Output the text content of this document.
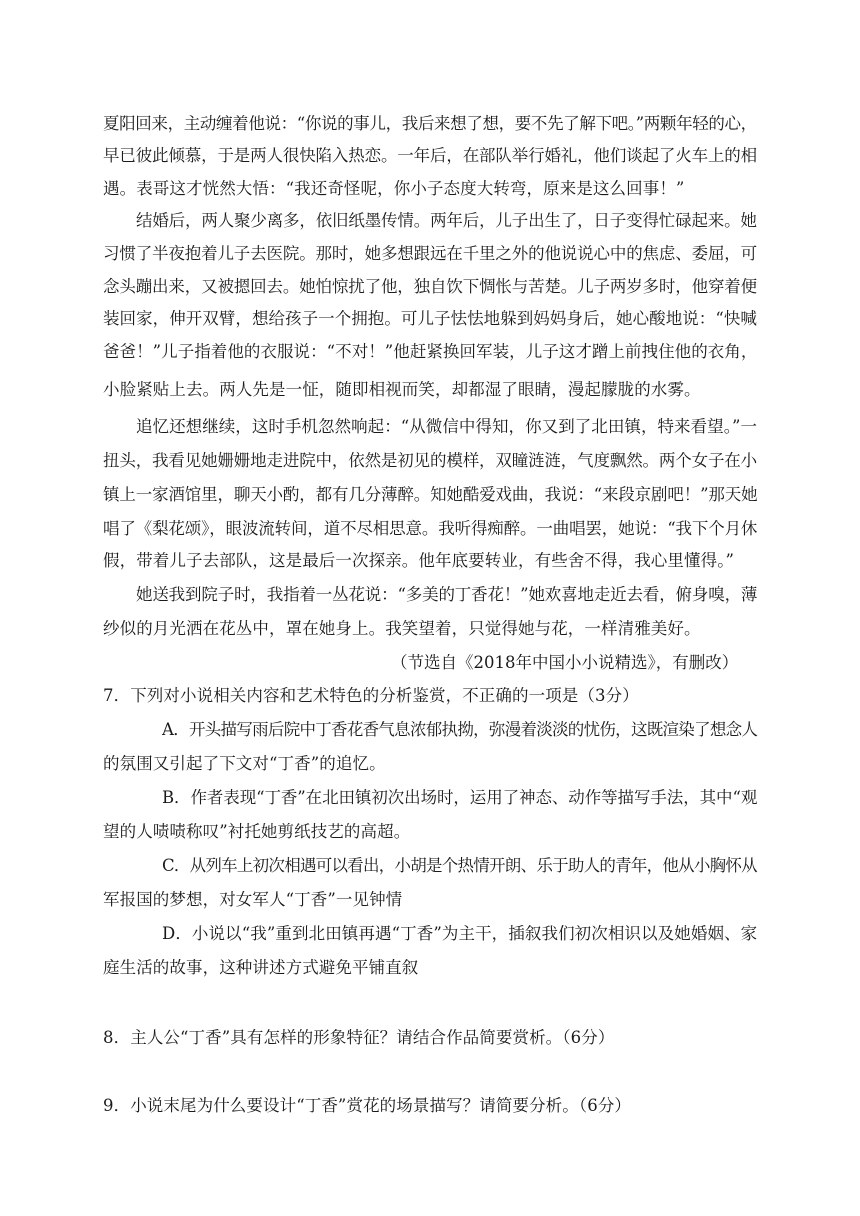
夏阳回来，主动缠着他说：“你说的事儿，我后来想了想，要不先了解下吧。”两颗年轻的心，
早已彼此倾慕，于是两人很快陷入热恋。一年后，在部队举行婚礼，他们谈起了火车上的相
遇。表哥这才恍然大悟：“我还奇怪呢，你小子态度大转弯，原来是这么回事！”
结婚后，两人聚少离多，依旧纸墨传情。两年后，儿子出生了，日子变得忙碌起来。她
习惯了半夜抱着儿子去医院。那时，她多想跟远在千里之外的他说说心中的焦虑、委屈，可
念头蹦出来，又被摁回去。她怕惊扰了他，独自饮下惆怅与苦楚。儿子两岁多时，他穿着便
装回家，伸开双臂，想给孩子一个拥抱。可儿子怯怯地躲到妈妈身后，她心酸地说：“快喊
爸爸！”儿子指着他的衣服说：“不对！”他赶紧换回军装，儿子这才蹭上前拽住他的衣角，
小脸紧贴上去。两人先是一怔，随即相视而笑，却都湿了眼睛，漫起朦胧的水雾。
追忆还想继续，这时手机忽然响起：“从微信中得知，你又到了北田镇，特来看望。”一
扭头，我看见她姗姗地走进院中，依然是初见的模样，双瞳涟涟，气度飘然。两个女子在小
镇上一家酒馆里，聊天小酌，都有几分薄醉。知她酷爱戏曲，我说：“来段京剧吧！”那天她
唱了《梨花颂》，眼波流转间，道不尽相思意。我听得痴醉。一曲唱罢，她说：“我下个月休
假，带着儿子去部队，这是最后一次探亲。他年底要转业，有些舍不得，我心里懂得。”
她送我到院子时，我指着一丛花说：“多美的丁香花！”她欢喜地走近去看，俯身嗅，薄
纱似的月光洒在花丛中，罩在她身上。我笑望着，只觉得她与花，一样清雅美好。
（节选自《2018年中国小小说精选》，有删改）
7．下列对小说相关内容和艺术特色的分析鉴赏，不正确的一项是（3分）
A．开头描写雨后院中丁香花香气息浓郁执拗，弥漫着淡淡的忧伤，这既渲染了想念人
的氛围又引起了下文对“丁香”的追忆。
B．作者表现“丁香”在北田镇初次出场时，运用了神态、动作等描写手法，其中“观
望的人啧啧称叹”衬托她剪纸技艺的高超。
C．从列车上初次相遇可以看出，小胡是个热情开朗、乐于助人的青年，他从小胸怀从
军报国的梦想，对女军人“丁香”一见钟情
D．小说以“我”重到北田镇再遇“丁香”为主干，插叙我们初次相识以及她婚姻、家
庭生活的故事，这种讲述方式避免平铺直叙
8．主人公“丁香”具有怎样的形象特征？请结合作品简要赏析。（6分）
9．小说末尾为什么要设计“丁香”赏花的场景描写？请简要分析。（6分）
